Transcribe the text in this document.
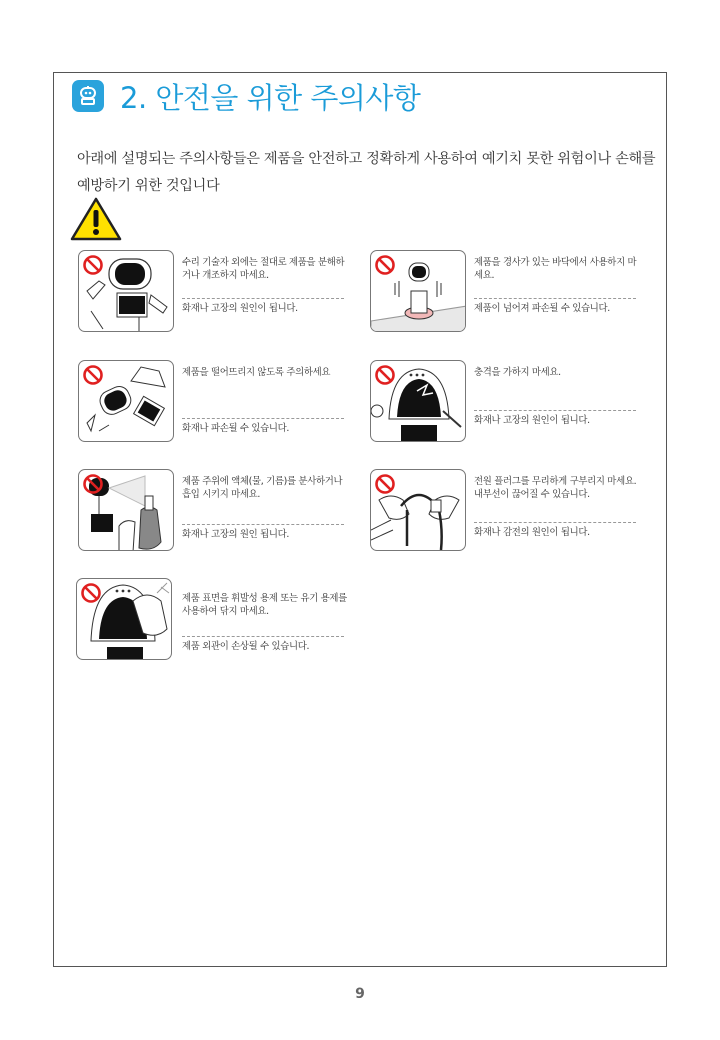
2. 안전을 위한 주의사항
아래에 설명되는 주의사항들은 제품을 안전하고 정확하게 사용하여 예기치 못한 위험이나 손해를 예방하기 위한 것입니다
수리 기술자 외에는 절대로 제품을 분해하거나 개조하지 마세요.
화재나 고장의 원인이 됩니다.
제품을 경사가 있는 바닥에서 사용하지 마세요.
제품이 넘어져 파손될 수 있습니다.
제품을 떨어뜨리지 않도록 주의하세요
화재나 파손될 수 있습니다.
충격을 가하지 마세요.
화재나 고장의 원인이 됩니다.
제품 주위에 액체(물, 기름)를 분사하거나 흡입 시키지 마세요.
화재나 고장의 원인 됩니다.
전원 플러그를 무리하게 구부리지 마세요. 내부선이 끊어질 수 있습니다.
화재나 감전의 원인이 됩니다.
제품 표면을 휘발성 용제 또는 유기 용제를 사용하여 닦지 마세요.
제품 외관이 손상될 수 있습니다.
9
